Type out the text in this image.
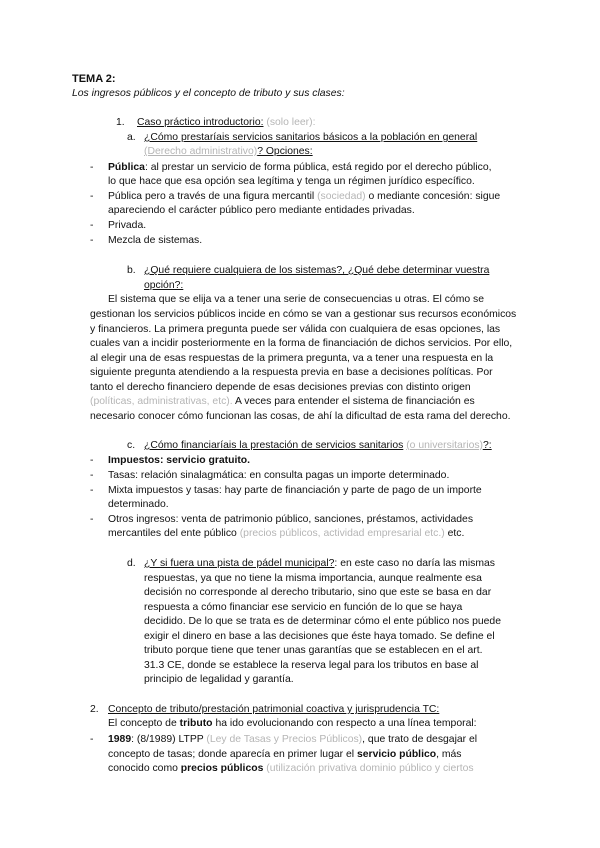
TEMA 2:
Los ingresos públicos y el concepto de tributo y sus clases:
1. Caso práctico introductorio: (solo leer):
a. ¿Cómo prestaríais servicios sanitarios básicos a la población en general
(Derecho administrativo)? Opciones:
- Pública: al prestar un servicio de forma pública, está regido por el derecho público,
lo que hace que esa opción sea legítima y tenga un régimen jurídico específico.
- Pública pero a través de una figura mercantil (sociedad) o mediante concesión: sigue
apareciendo el carácter público pero mediante entidades privadas.
- Privada.
- Mezcla de sistemas.
b. ¿Qué requiere cualquiera de los sistemas?, ¿Qué debe determinar vuestra
opción?:
El sistema que se elija va a tener una serie de consecuencias u otras. El cómo se
gestionan los servicios públicos incide en cómo se van a gestionar sus recursos económicos
y financieros. La primera pregunta puede ser válida con cualquiera de esas opciones, las
cuales van a incidir posteriormente en la forma de financiación de dichos servicios. Por ello,
al elegir una de esas respuestas de la primera pregunta, va a tener una respuesta en la
siguiente pregunta atendiendo a la respuesta previa en base a decisiones políticas. Por
tanto el derecho financiero depende de esas decisiones previas con distinto origen
(políticas, administrativas, etc). A veces para entender el sistema de financiación es
necesario conocer cómo funcionan las cosas, de ahí la dificultad de esta rama del derecho.
c. ¿Cómo financiaríais la prestación de servicios sanitarios (o universitarios)?:
- Impuestos: servicio gratuito.
- Tasas: relación sinalagmática: en consulta pagas un importe determinado.
- Mixta impuestos y tasas: hay parte de financiación y parte de pago de un importe
determinado.
- Otros ingresos: venta de patrimonio público, sanciones, préstamos, actividades
mercantiles del ente público (precios públicos, actividad empresarial etc.) etc.
d. ¿Y si fuera una pista de pádel municipal?: en este caso no daría las mismas
respuestas, ya que no tiene la misma importancia, aunque realmente esa
decisión no corresponde al derecho tributario, sino que este se basa en dar
respuesta a cómo financiar ese servicio en función de lo que se haya
decidido. De lo que se trata es de determinar cómo el ente público nos puede
exigir el dinero en base a las decisiones que éste haya tomado. Se define el
tributo porque tiene que tener unas garantías que se establecen en el art.
31.3 CE, donde se establece la reserva legal para los tributos en base al
principio de legalidad y garantía.
2. Concepto de tributo/prestación patrimonial coactiva y jurisprudencia TC:
El concepto de tributo ha ido evolucionando con respecto a una línea temporal:
- 1989: (8/1989) LTPP (Ley de Tasas y Precios Públicos), que trato de desgajar el
concepto de tasas; donde aparecía en primer lugar el servicio público, más
conocido como precios públicos (utilización privativa dominio público y ciertos
